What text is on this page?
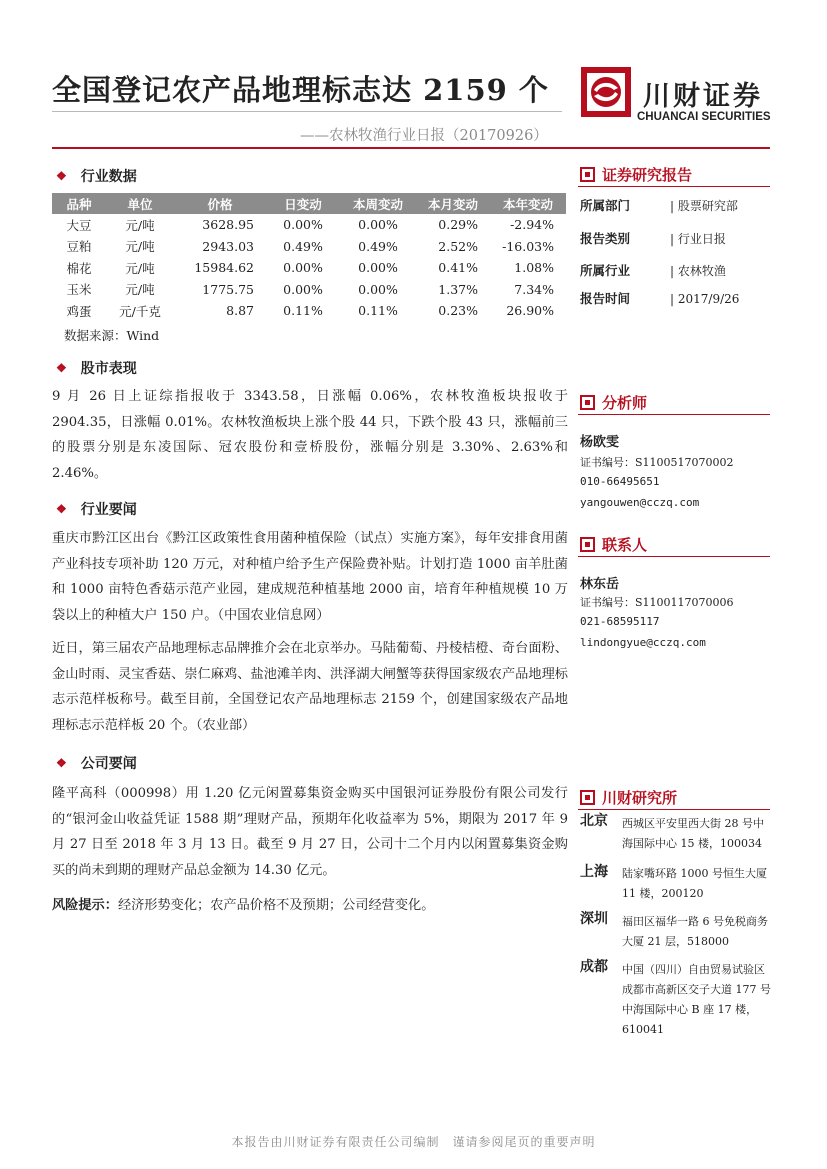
全国登记农产品地理标志达 2159 个
——农林牧渔行业日报（20170926）
川财证券
CHUANCAI SECURITIES
❖ 行业数据
品种	单位	价格	日变动	本周变动	本月变动	本年变动
大豆	元/吨	3628.95	0.00%	0.00%	0.29%	-2.94%
豆粕	元/吨	2943.03	0.49%	0.49%	2.52%	-16.03%
棉花	元/吨	15984.62	0.00%	0.00%	0.41%	1.08%
玉米	元/吨	1775.75	0.00%	0.00%	1.37%	7.34%
鸡蛋	元/千克	8.87	0.11%	0.11%	0.23%	26.90%
数据来源：Wind
❖ 股市表现
9 月 26 日上证综指报收于 3343.58，日涨幅 0.06%，农林牧渔板块报收于 2904.35，日涨幅 0.01%。农林牧渔板块上涨个股 44 只，下跌个股 43 只，涨幅前三的股票分别是东凌国际、冠农股份和壹桥股份，涨幅分别是 3.30%、2.63%和 2.46%。
❖ 行业要闻
重庆市黔江区出台《黔江区政策性食用菌种植保险（试点）实施方案》，每年安排食用菌产业科技专项补助 120 万元，对种植户给予生产保险费补贴。计划打造 1000 亩羊肚菌和 1000 亩特色香菇示范产业园，建成规范种植基地 2000 亩，培育年种植规模 10 万袋以上的种植大户 150 户。（中国农业信息网）
近日，第三届农产品地理标志品牌推介会在北京举办。马陆葡萄、丹棱桔橙、奇台面粉、金山时雨、灵宝香菇、崇仁麻鸡、盐池滩羊肉、洪泽湖大闸蟹等获得国家级农产品地理标志示范样板称号。截至目前，全国登记农产品地理标志 2159 个，创建国家级农产品地理标志示范样板 20 个。（农业部）
❖ 公司要闻
隆平高科（000998）用 1.20 亿元闲置募集资金购买中国银河证券股份有限公司发行的“银河金山收益凭证 1588 期”理财产品，预期年化收益率为 5%，期限为 2017 年 9 月 27 日至 2018 年 3 月 13 日。截至 9 月 27 日，公司十二个月内以闲置募集资金购买的尚未到期的理财产品总金额为 14.30 亿元。
风险提示：经济形势变化；农产品价格不及预期；公司经营变化。
证券研究报告
所属部门	| 股票研究部
报告类别	| 行业日报
所属行业	| 农林牧渔
报告时间	| 2017/9/26
分析师
杨欧雯
证书编号：S1100517070002
010-66495651
yangouwen@cczq.com
联系人
林东岳
证书编号：S1100117070006
021-68595117
lindongyue@cczq.com
川财研究所
北京 西城区平安里西大街 28 号中海国际中心 15 楼，100034
上海 陆家嘴环路 1000 号恒生大厦 11 楼，200120
深圳 福田区福华一路 6 号免税商务大厦 21 层，518000
成都 中国（四川）自由贸易试验区成都市高新区交子大道 177 号中海国际中心 B 座 17 楼，610041
本报告由川财证券有限责任公司编制　谨请参阅尾页的重要声明
